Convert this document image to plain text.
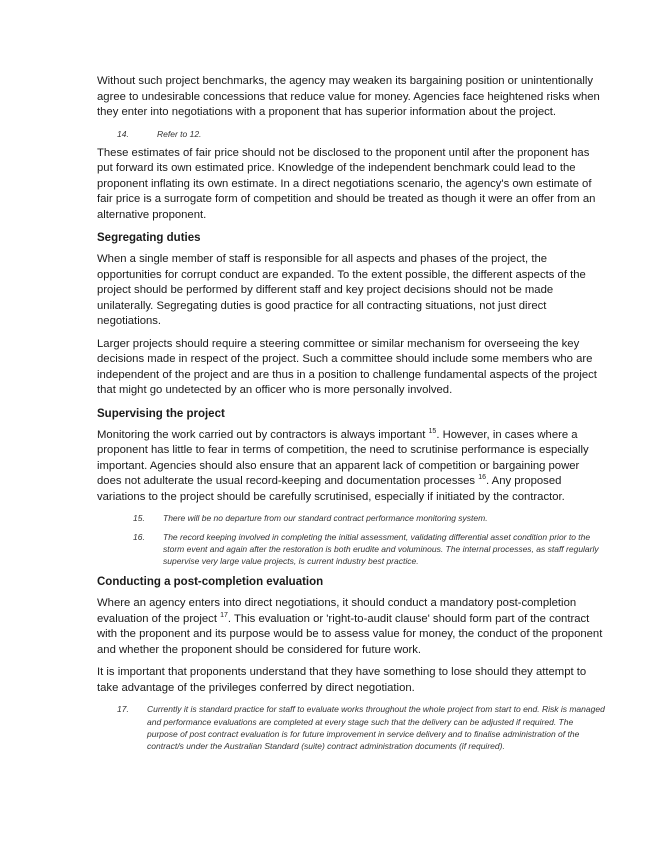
Without such project benchmarks, the agency may weaken its bargaining position or unintentionally agree to undesirable concessions that reduce value for money. Agencies face heightened risks when they enter into negotiations with a proponent that has superior information about the project.

14.	Refer to 12.

These estimates of fair price should not be disclosed to the proponent until after the proponent has put forward its own estimated price. Knowledge of the independent benchmark could lead to the proponent inflating its own estimate. In a direct negotiations scenario, the agency's own estimate of fair price is a surrogate form of competition and should be treated as though it were an offer from an alternative proponent.

Segregating duties

When a single member of staff is responsible for all aspects and phases of the project, the opportunities for corrupt conduct are expanded. To the extent possible, the different aspects of the project should be performed by different staff and key project decisions should not be made unilaterally. Segregating duties is good practice for all contracting situations, not just direct negotiations.

Larger projects should require a steering committee or similar mechanism for overseeing the key decisions made in respect of the project. Such a committee should include some members who are independent of the project and are thus in a position to challenge fundamental aspects of the project that might go undetected by an officer who is more personally involved.

Supervising the project

Monitoring the work carried out by contractors is always important $^{15}$. However, in cases where a proponent has little to fear in terms of competition, the need to scrutinise performance is especially important. Agencies should also ensure that an apparent lack of competition or bargaining power does not adulterate the usual record-keeping and documentation processes $^{16}$. Any proposed variations to the project should be carefully scrutinised, especially if initiated by the contractor.

15.	There will be no departure from our standard contract performance monitoring system.
16.	The record keeping involved in completing the initial assessment, validating differential asset condition prior to the storm event and again after the restoration is both erudite and voluminous. The internal processes, as staff regularly supervise very large value projects, is current industry best practice.
Conducting a post-completion evaluation

Where an agency enters into direct negotiations, it should conduct a mandatory post-completion evaluation of the project $^{17}$. This evaluation or 'right-to-audit clause' should form part of the contract with the proponent and its purpose would be to assess value for money, the conduct of the proponent and whether the proponent should be considered for future work.

It is important that proponents understand that they have something to lose should they attempt to take advantage of the privileges conferred by direct negotiation.

17.	Currently it is standard practice for staff to evaluate works throughout the whole project from start to end. Risk is managed and performance evaluations are completed at every stage such that the delivery can be adjusted if required. The purpose of post contract evaluation is for future improvement in service delivery and to finalise administration of the contract/s under the Australian Standard (suite) contract administration documents (if required).
